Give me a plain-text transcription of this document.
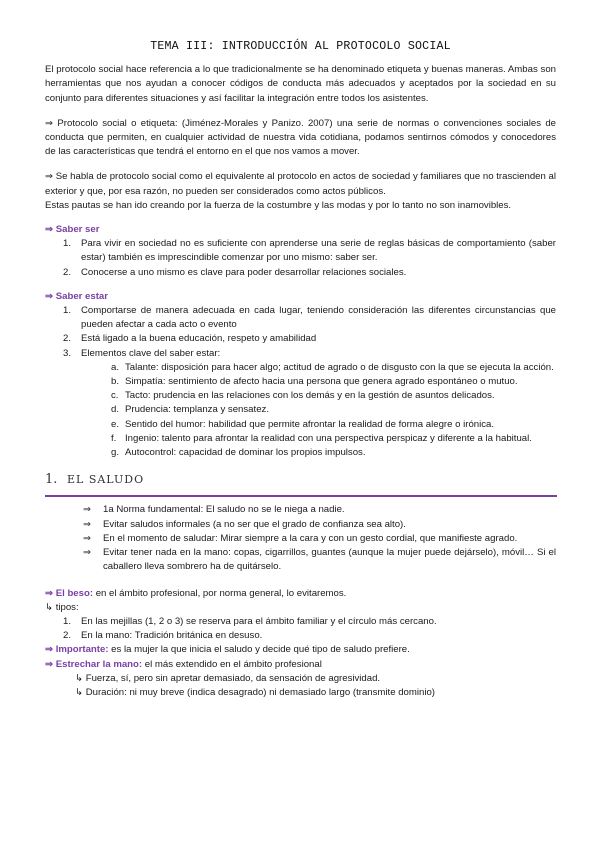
TEMA III: INTRODUCCIÓN AL PROTOCOLO SOCIAL

El protocolo social hace referencia a lo que tradicionalmente se ha denominado etiqueta y buenas maneras. Ambas son herramientas que nos ayudan a conocer códigos de conducta más adecuados y aceptados por la sociedad en su conjunto para diferentes situaciones y así facilitar la integración entre todos los asistentes.

⇒ Protocolo social o etiqueta: (Jiménez-Morales y Panizo. 2007) una serie de normas o convenciones sociales de conducta que permiten, en cualquier actividad de nuestra vida cotidiana, podamos sentirnos cómodos y conocedores de las características que tendrá el entorno en el que nos vamos a mover.

⇒ Se habla de protocolo social como el equivalente al protocolo en actos de sociedad y familiares que no trascienden al exterior y que, por esa razón, no pueden ser considerados como actos públicos.

Estas pautas se han ido creando por la fuerza de la costumbre y las modas y por lo tanto no son inamovibles.

⇒ Saber ser
1. Para vivir en sociedad no es suficiente con aprenderse una serie de reglas básicas de comportamiento (saber estar) también es imprescindible comenzar por uno mismo: saber ser.
2. Conocerse a uno mismo es clave para poder desarrollar relaciones sociales.
⇒ Saber estar
1. Comportarse de manera adecuada en cada lugar, teniendo consideración las diferentes circunstancias que pueden afectar a cada acto o evento
2. Está ligado a la buena educación, respeto y amabilidad
3. Elementos clave del saber estar:
a. Talante: disposición para hacer algo; actitud de agrado o de disgusto con la que se ejecuta la acción.
b. Simpatía: sentimiento de afecto hacia una persona que genera agrado espontáneo o mutuo.
c. Tacto: prudencia en las relaciones con los demás y en la gestión de asuntos delicados.
d. Prudencia: templanza y sensatez.
e. Sentido del humor: habilidad que permite afrontar la realidad de forma alegre o irónica.
f. Ingenio: talento para afrontar la realidad con una perspectiva perspicaz y diferente a la habitual.
g. Autocontrol: capacidad de dominar los propios impulsos.
1. EL SALUDO
⇒ 1a Norma fundamental: El saludo no se le niega a nadie.
⇒ Evitar saludos informales (a no ser que el grado de confianza sea alto).
⇒ En el momento de saludar: Mirar siempre a la cara y con un gesto cordial, que manifieste agrado.
⇒ Evitar tener nada en la mano: copas, cigarrillos, guantes (aunque la mujer puede dejárselo), móvil… Si el caballero lleva sombrero ha de quitárselo.
⇒ El beso: en el ámbito profesional, por norma general, lo evitaremos.
↳ tipos:
1. En las mejillas (1, 2 o 3) se reserva para el ámbito familiar y el círculo más cercano.
2. En la mano: Tradición británica en desuso.
⇒ Importante: es la mujer la que inicia el saludo y decide qué tipo de saludo prefiere.
⇒ Estrechar la mano: el más extendido en el ámbito profesional
↳ Fuerza, sí, pero sin apretar demasiado, da sensación de agresividad.
↳ Duración: ni muy breve (indica desagrado) ni demasiado largo (transmite dominio)
